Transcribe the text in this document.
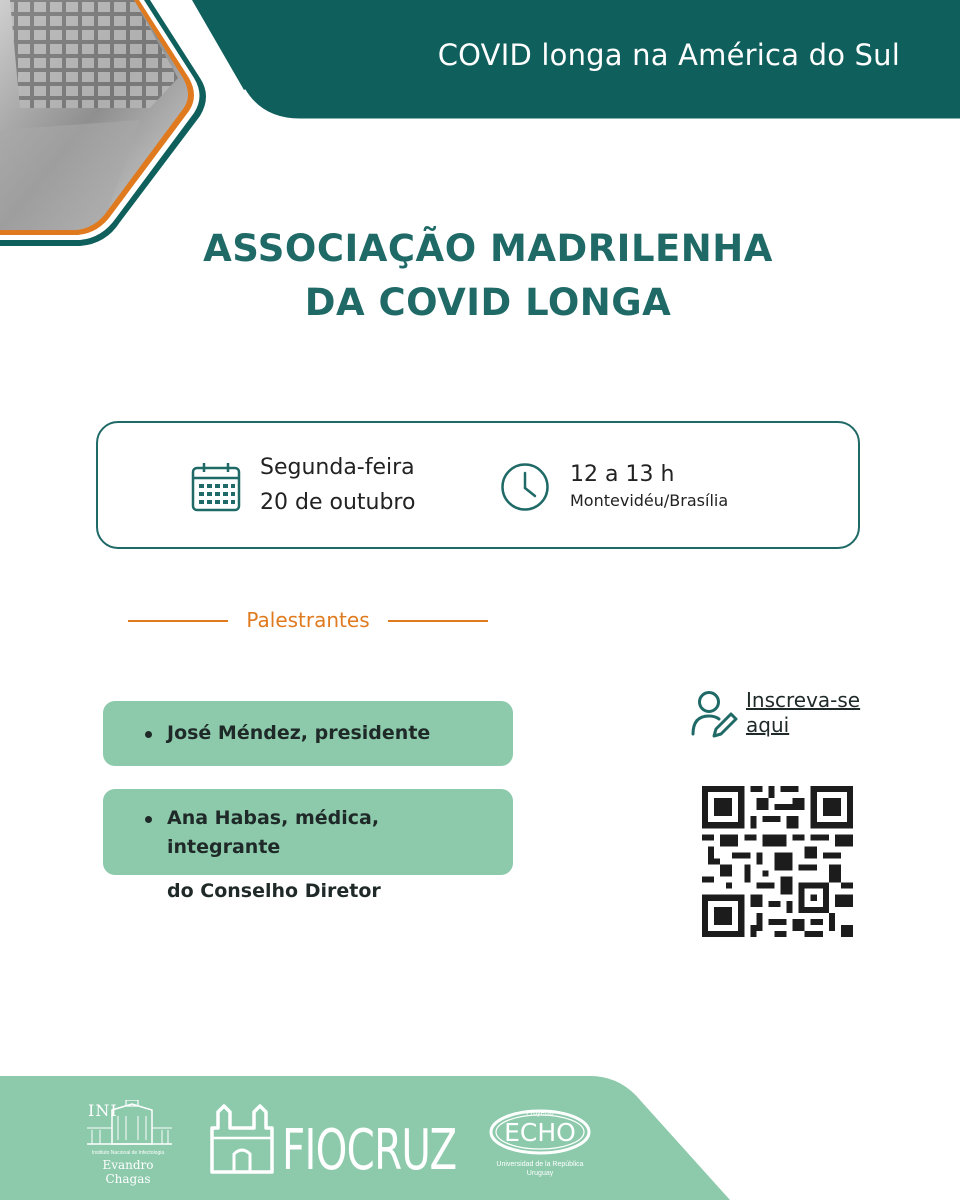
COVID longa na América do Sul
ASSOCIAÇÃO MADRILENHA
DA COVID LONGA
Segunda-feira
20 de outubro
12 a 13 h
Montevidéu/Brasília
Palestrantes
José Méndez, presidente
Ana Habas, médica, integrante
do Conselho Diretor
Inscreva-se
aqui
INI
Instituto Nacional de Infectologia
Evandro Chagas	FIOCRUZ
Proyecto
ECHO
Universidad de la República
Uruguay
